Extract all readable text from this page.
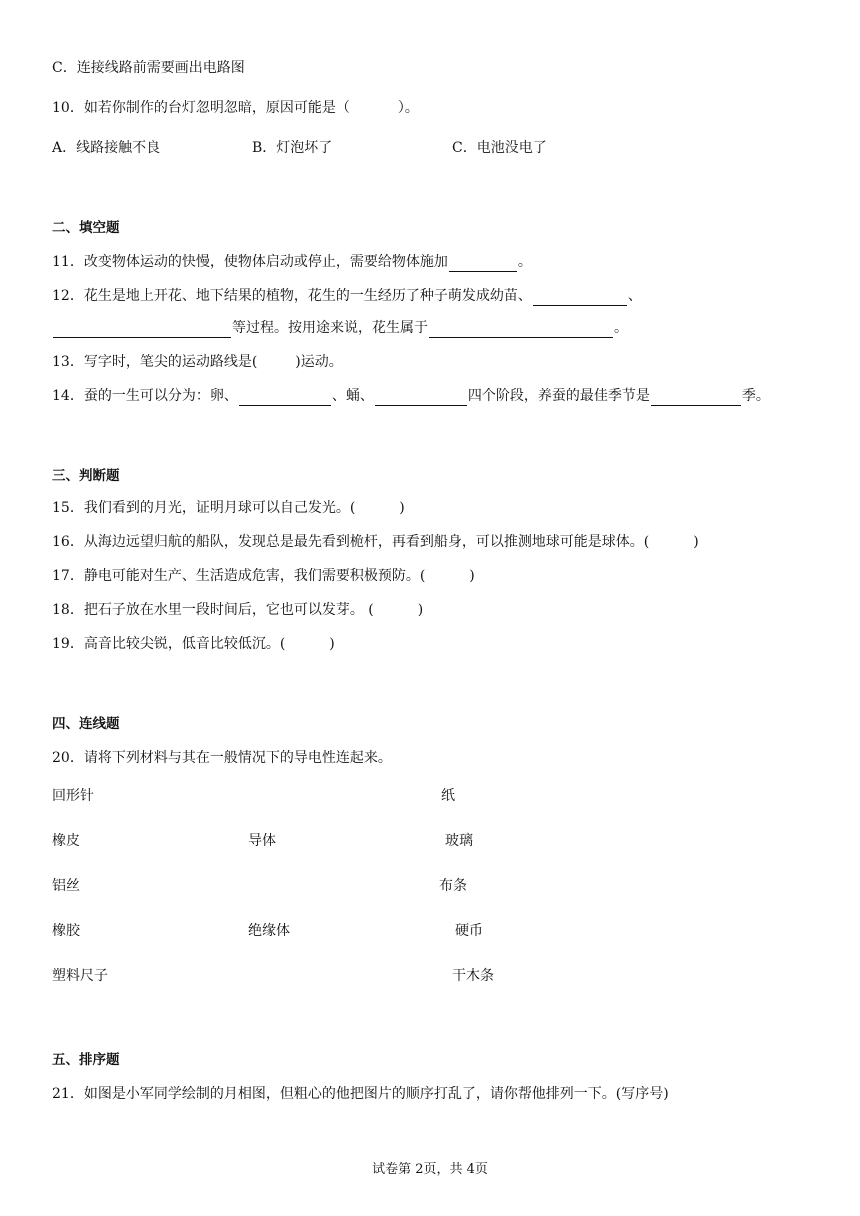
C．连接线路前需要画出电路图
10．如若你制作的台灯忽明忽暗，原因可能是（	）。
A．线路接触不良	B．灯泡坏了	C．电池没电了
二、填空题
11．改变物体运动的快慢，使物体启动或停止，需要给物体施加	。
12．花生是地上开花、地下结果的植物，花生的一生经历了种子萌发成幼苗、	、
等过程。按用途来说，花生属于	。
13．写字时，笔尖的运动路线是(	)运动。
14．蚕的一生可以分为：卵、	、蛹、	四个阶段，养蚕的最佳季节是	季。
三、判断题
15．我们看到的月光，证明月球可以自己发光。(	)
16．从海边远望归航的船队，发现总是最先看到桅杆，再看到船身，可以推测地球可能是球体。(	)
17．静电可能对生产、生活造成危害，我们需要积极预防。(	)
18．把石子放在水里一段时间后，它也可以发芽。 (	)
19．高音比较尖锐，低音比较低沉。(	)
四、连线题
20．请将下列材料与其在一般情况下的导电性连起来。
回形针
橡皮
铝丝
橡胶
塑料尺子
导体
绝缘体
纸
玻璃
布条
硬币
干木条
五、排序题
21．如图是小军同学绘制的月相图，但粗心的他把图片的顺序打乱了，请你帮他排列一下。(写序号)
试卷第 2页，共 4页
